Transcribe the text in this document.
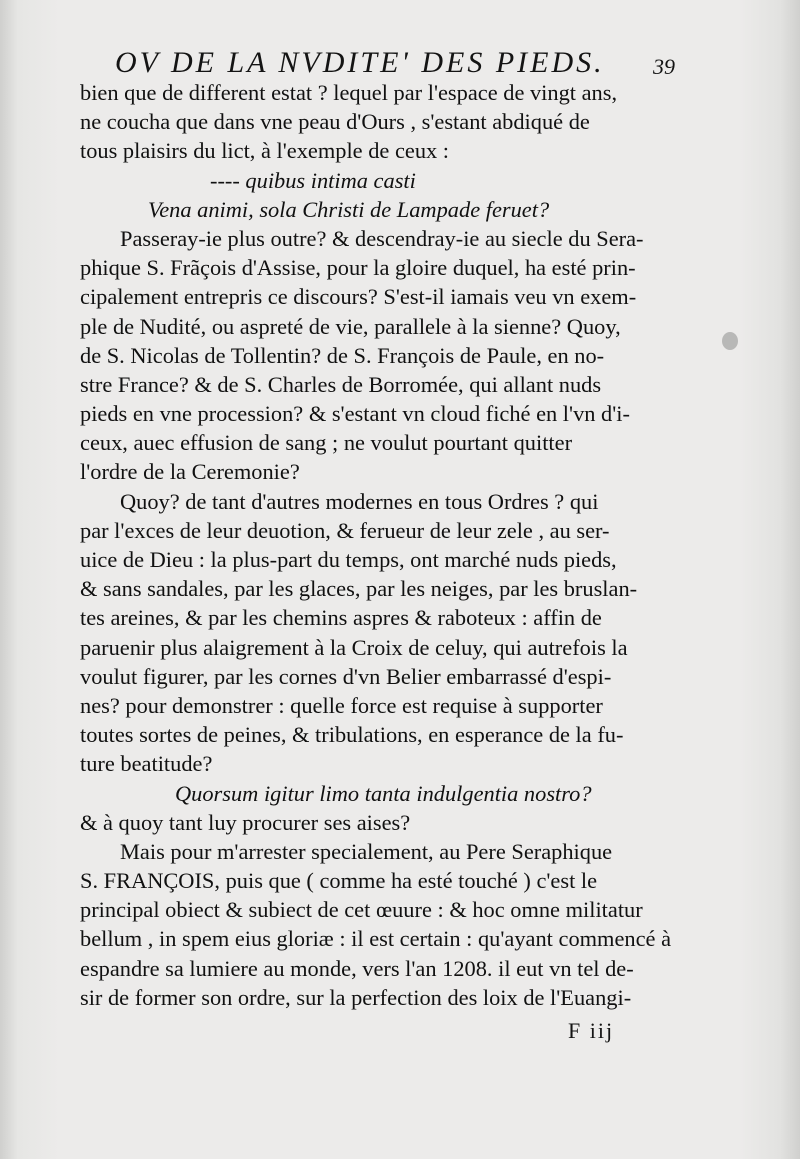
OV DE LA NVDITE' DES PIEDS. 39
bien que de different estat ? lequel par l'espace de vingt ans,
ne coucha que dans vne peau d'Ours , s'estant abdiqué de
tous plaisirs du lict, à l'exemple de ceux :
---- quibus intima casti
Vena animi, sola Christi de Lampade feruet?
Passeray-ie plus outre? & descendray-ie au siecle du Sera-
phique S. Frãçois d'Assise, pour la gloire duquel, ha esté prin-
cipalement entrepris ce discours? S'est-il iamais veu vn exem-
ple de Nudité, ou aspreté de vie, parallele à la sienne? Quoy,
de S. Nicolas de Tollentin? de S. François de Paule, en no-
stre France? & de S. Charles de Borromée, qui allant nuds
pieds en vne procession? & s'estant vn cloud fiché en l'vn d'i-
ceux, auec effusion de sang ; ne voulut pourtant quitter
l'ordre de la Ceremonie?
Quoy? de tant d'autres modernes en tous Ordres ? qui
par l'exces de leur deuotion, & ferueur de leur zele , au ser-
uice de Dieu : la plus-part du temps, ont marché nuds pieds,
& sans sandales, par les glaces, par les neiges, par les bruslan-
tes areines, & par les chemins aspres & raboteux : affin de
paruenir plus alaigrement à la Croix de celuy, qui autrefois la
voulut figurer, par les cornes d'vn Belier embarrassé d'espi-
nes? pour demonstrer : quelle force est requise à supporter
toutes sortes de peines, & tribulations, en esperance de la fu-
ture beatitude?
Quorsum igitur limo tanta indulgentia nostro?
& à quoy tant luy procurer ses aises?
Mais pour m'arrester specialement, au Pere Seraphique
S. FRANÇOIS, puis que ( comme ha esté touché ) c'est le
principal obiect & subiect de cet œuure : & hoc omne militatur
bellum , in spem eius gloriæ : il est certain : qu'ayant commencé à
espandre sa lumiere au monde, vers l'an 1208. il eut vn tel de-
sir de former son ordre, sur la perfection des loix de l'Euangi-
F iij
